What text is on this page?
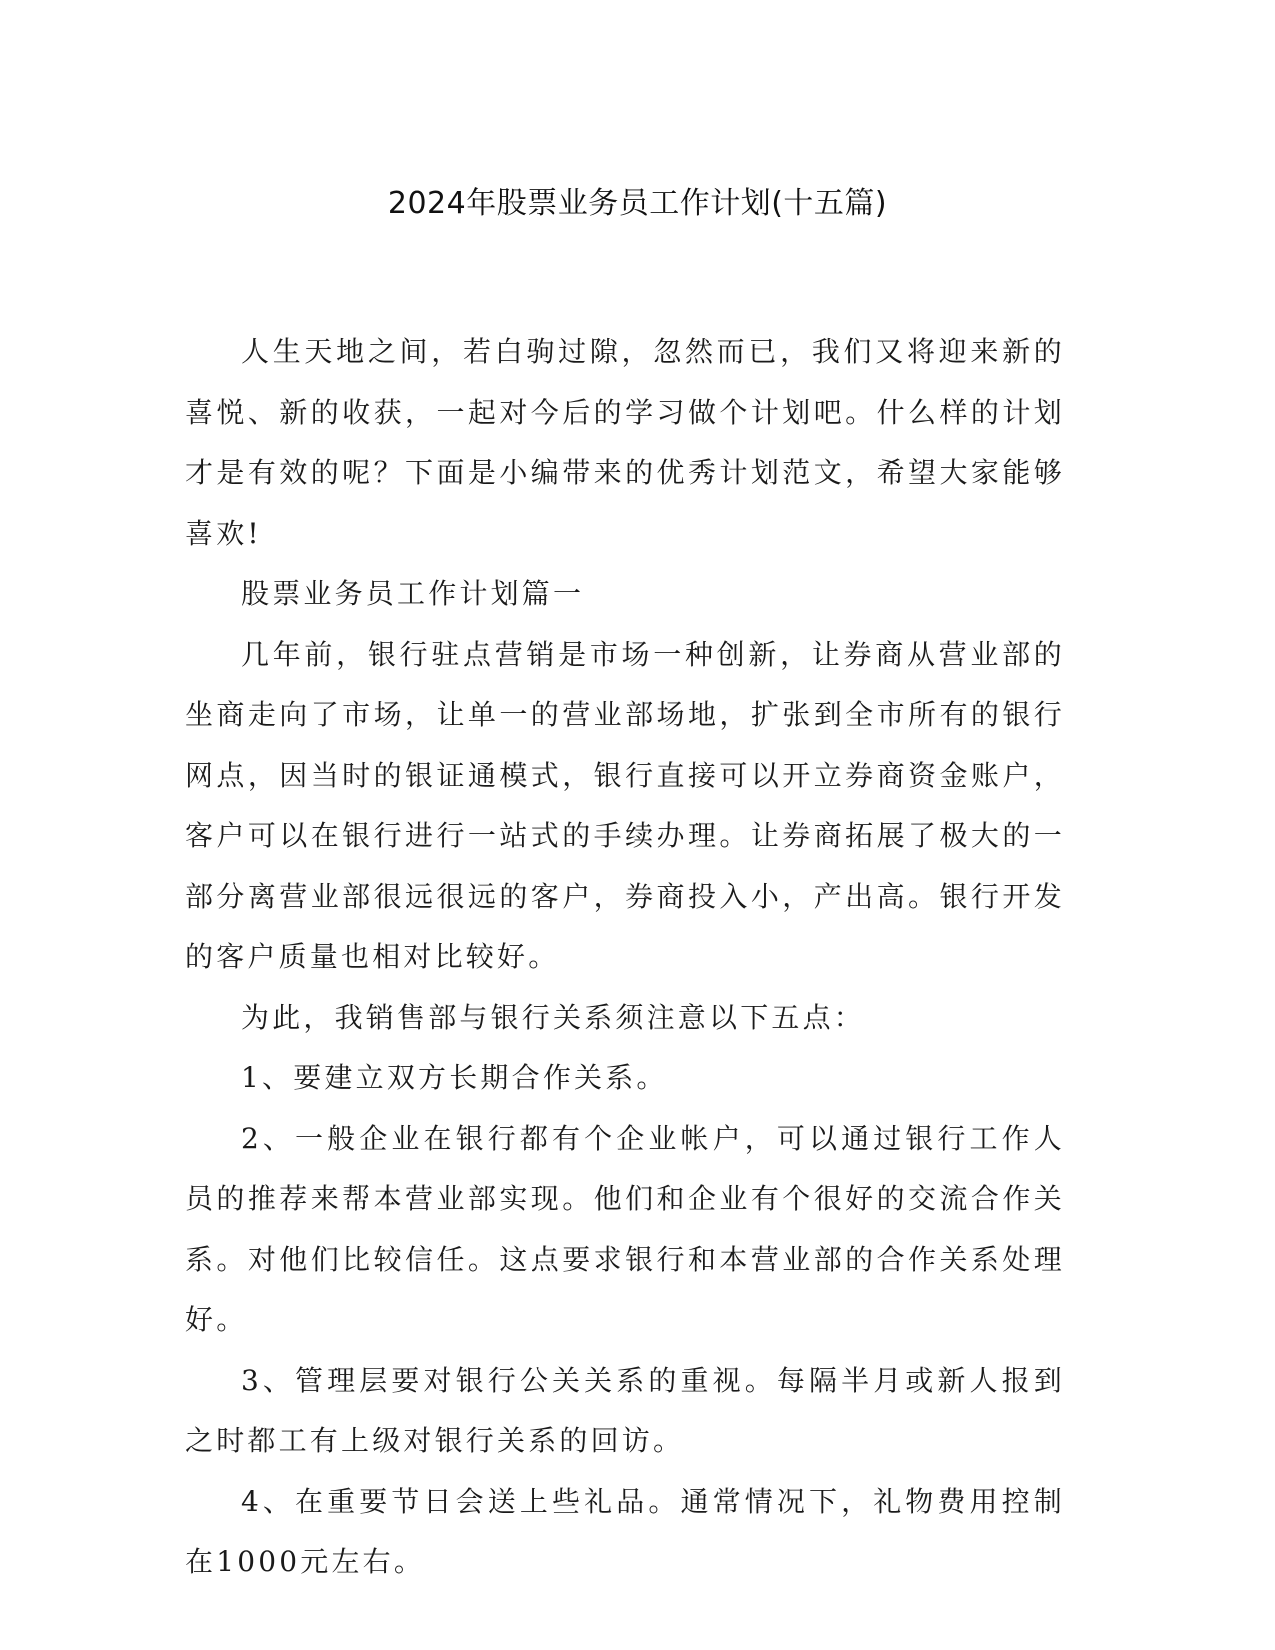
2024年股票业务员工作计划(十五篇)

人生天地之间，若白驹过隙，忽然而已，我们又将迎来新的喜悦、新的收获，一起对今后的学习做个计划吧。什么样的计划才是有效的呢？下面是小编带来的优秀计划范文，希望大家能够喜欢!

股票业务员工作计划篇一

几年前，银行驻点营销是市场一种创新，让券商从营业部的坐商走向了市场，让单一的营业部场地，扩张到全市所有的银行网点，因当时的银证通模式，银行直接可以开立券商资金账户，客户可以在银行进行一站式的手续办理。让券商拓展了极大的一部分离营业部很远很远的客户，券商投入小，产出高。银行开发的客户质量也相对比较好。

为此，我销售部与银行关系须注意以下五点：

1、要建立双方长期合作关系。

2、一般企业在银行都有个企业帐户，可以通过银行工作人员的推荐来帮本营业部实现。他们和企业有个很好的交流合作关系。对他们比较信任。这点要求银行和本营业部的合作关系处理好。

3、管理层要对银行公关关系的重视。每隔半月或新人报到之时都工有上级对银行关系的回访。

4、在重要节日会送上些礼品。通常情况下，礼物费用控制在1000元左右。
